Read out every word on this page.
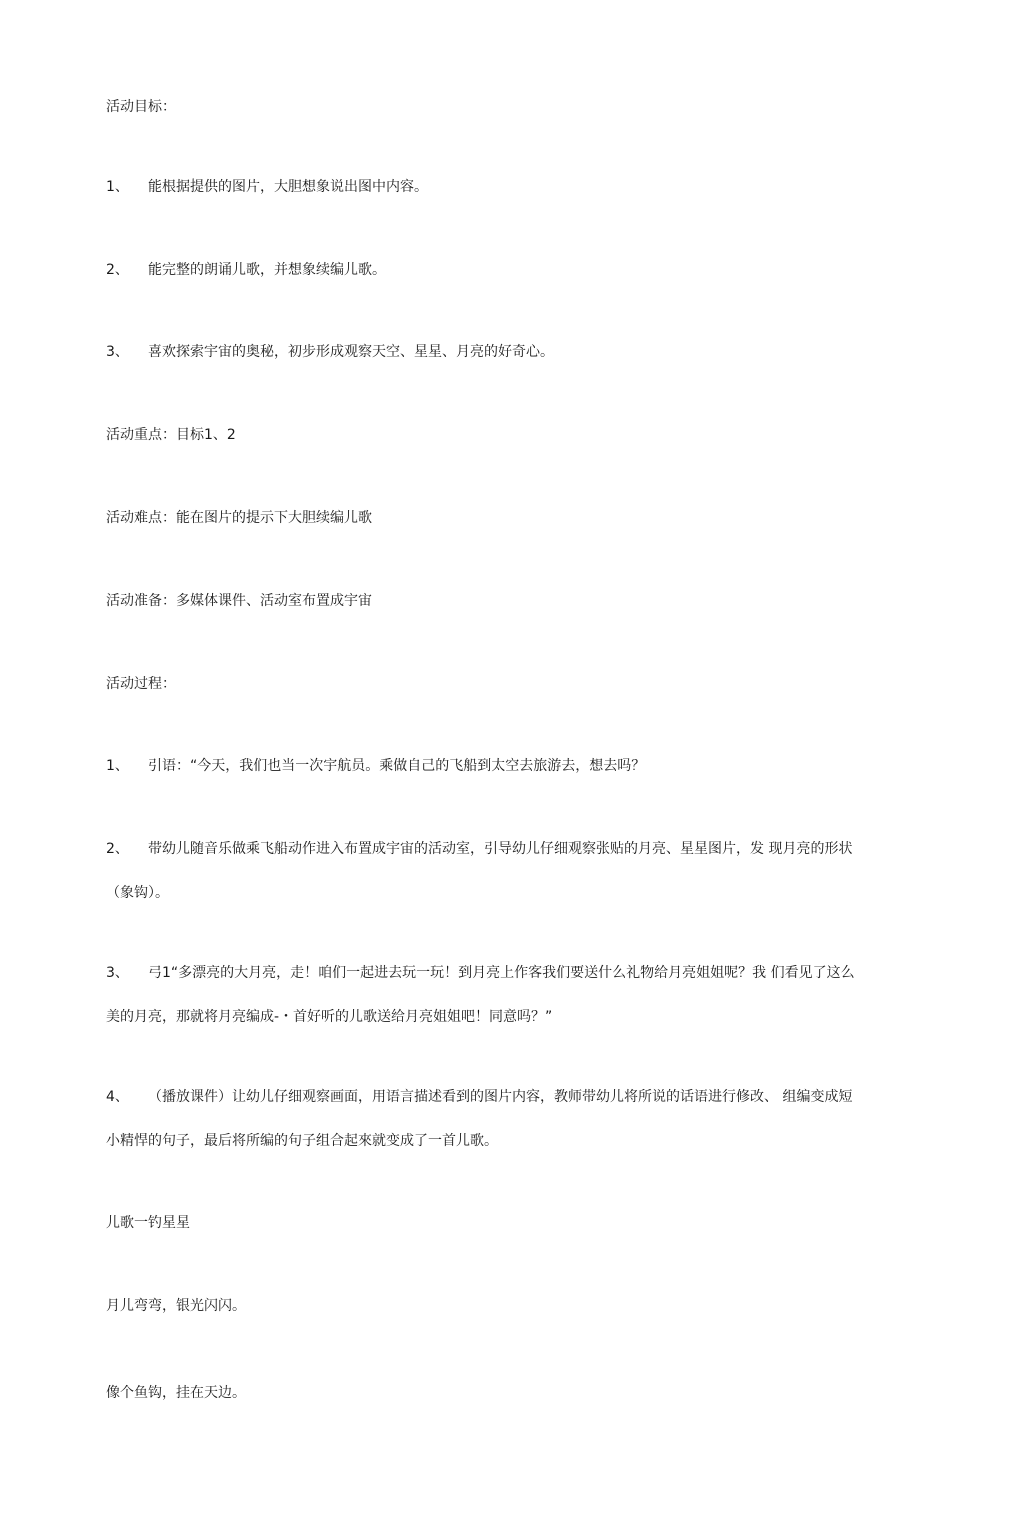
活动目标：
1、 能根据提供的图片，大胆想象说出图中内容。
2、 能完整的朗诵儿歌，并想象续编儿歌。
3、 喜欢探索宇宙的奥秘，初步形成观察天空、星星、月亮的好奇心。
活动重点：目标1、2
活动难点：能在图片的提示下大胆续编儿歌
活动准备：多媒体课件、活动室布置成宇宙
活动过程：
1、 引语：“今天，我们也当一次宇航员。乘做自己的飞船到太空去旅游去，想去吗？
2、 带幼儿随音乐做乘飞船动作进入布置成宇宙的活动室，引导幼儿仔细观察张贴的月亮、星星图片，发 现月亮的形状
（象钩）。
3、 弓1“多漂亮的大月亮，走！咱们一起进去玩一玩！到月亮上作客我们要送什么礼物给月亮姐姐呢？我 们看见了这么
美的月亮，那就将月亮编成-・首好听的儿歌送给月亮姐姐吧！同意吗？”
4、 （播放课件）让幼儿仔细观察画面，用语言描述看到的图片内容，教师带幼儿将所说的话语进行修改、 组编变成短
小精悍的句子，最后将所编的句子组合起來就变成了一首儿歌。
儿歌一钓星星
月儿弯弯，银光闪闪。
像个鱼钩，挂在天边。
